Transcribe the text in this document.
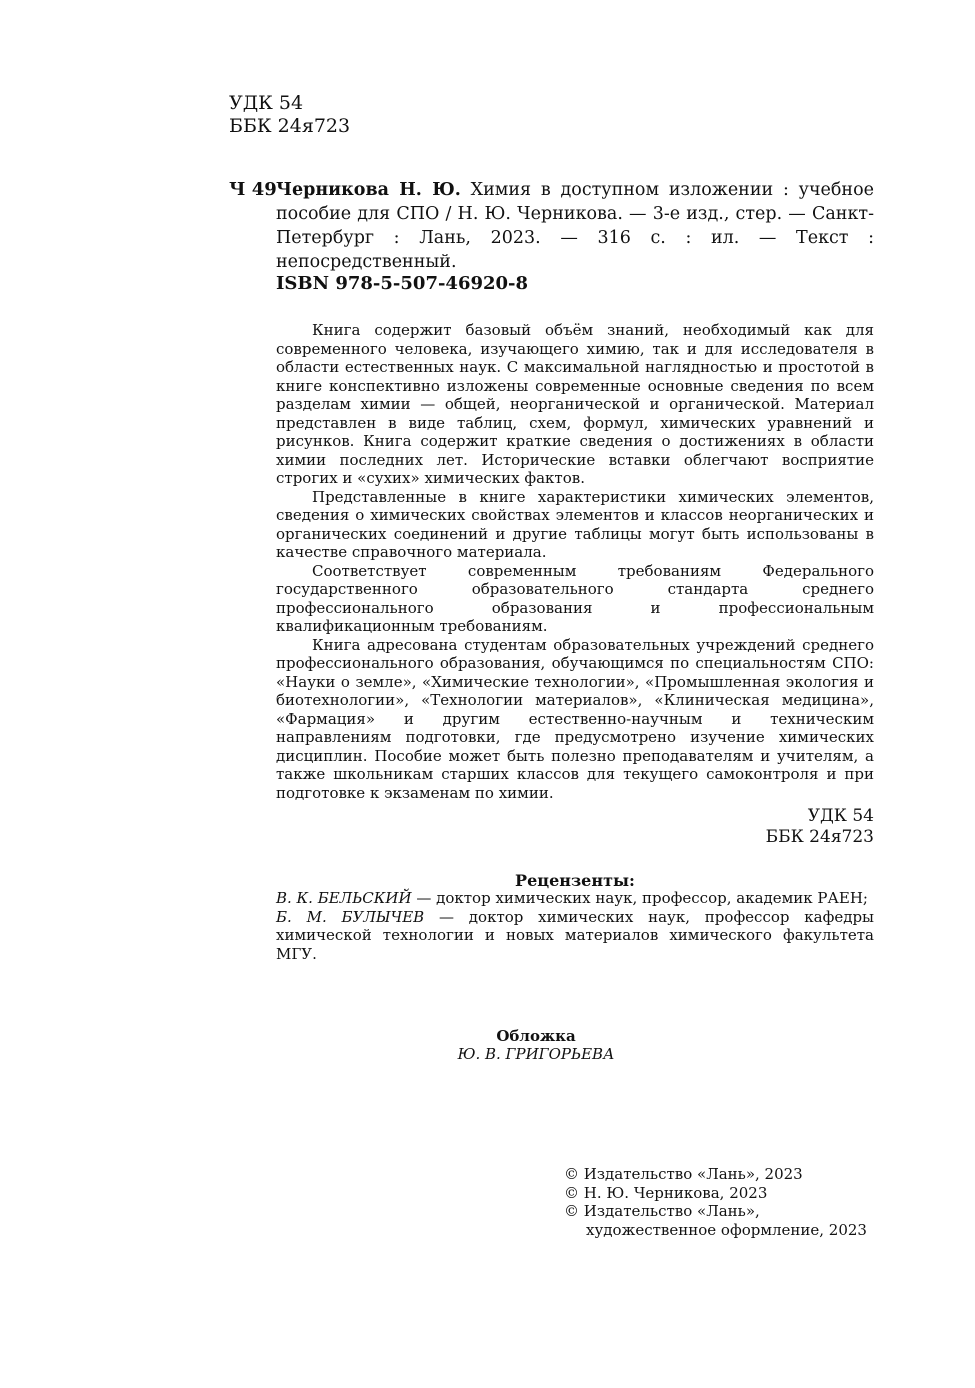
УДК 54
ББК 24я723
Ч 49 Черникова Н. Ю. Химия в доступном изложении : учебное пособие для СПО / Н. Ю. Черникова. — 3-е изд., стер. — Санкт-Петербург : Лань, 2023. — 316 с. : ил. — Текст : непосредственный.
ISBN 978-5-507-46920-8

Книга содержит базовый объём знаний, необходимый как для современного человека, изучающего химию, так и для исследователя в области естественных наук. С максимальной наглядностью и простотой в книге конспективно изложены современные основные сведения по всем разделам химии — общей, неорганической и органической. Материал представлен в виде таблиц, схем, формул, химических уравнений и рисунков. Книга содержит краткие сведения о достижениях в области химии последних лет. Исторические вставки облегчают восприятие строгих и «сухих» химических фактов.

Представленные в книге характеристики химических элементов, сведения о химических свойствах элементов и классов неорганических и органических соединений и другие таблицы могут быть использованы в качестве справочного материала.

Соответствует современным требованиям Федерального государственного образовательного стандарта среднего профессионального образования и профессиональным квалификационным требованиям.

Книга адресована студентам образовательных учреждений среднего профессионального образования, обучающимся по специальностям СПО: «Науки о земле», «Химические технологии», «Промышленная экология и биотехнологии», «Технологии материалов», «Клиническая медицина», «Фармация» и другим естественно-научным и техническим направлениям подготовки, где предусмотрено изучение химических дисциплин. Пособие может быть полезно преподавателям и учителям, а также школьникам старших классов для текущего самоконтроля и при подготовке к экзаменам по химии.

УДК 54
ББК 24я723
Рецензенты:

В. К. БЕЛЬСКИЙ — доктор химических наук, профессор, академик РАЕН;

Б. М. БУЛЫЧЕВ — доктор химических наук, профессор кафедры химической технологии и новых материалов химического факультета МГУ.

Обложка
Ю. В. ГРИГОРЬЕВА
© Издательство «Лань», 2023
© Н. Ю. Черникова, 2023
© Издательство «Лань»,
художественное оформление, 2023
